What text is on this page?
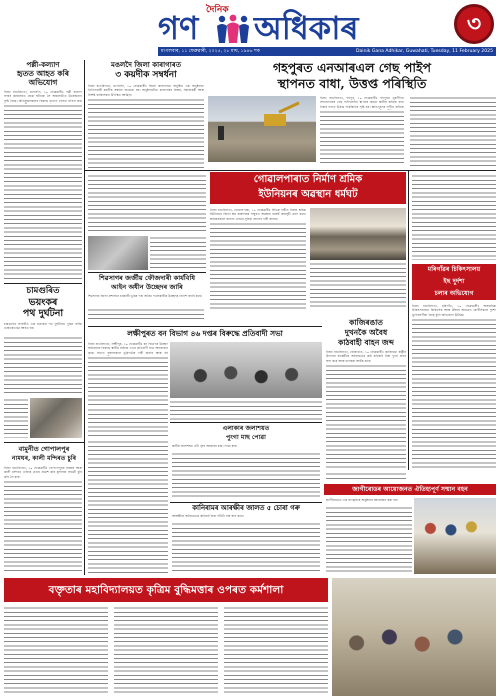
দৈনিক
গণ অধিকাৰ	৩
মংগলবাৰ, ১১ ফেব্ৰুৱাৰী, ২০২৫, ২৮ মাঘ, ১৯৪৬ শক	Dainik Gana Adhikar, Guwahati, Tuesday, 11 February 2025
পল্লী-কল্যাণ
হৃতত আহত কৰি
অভিযোগ
নিজা বাতৰিদাতা, মংগলদৈ, ১০ ফেব্ৰুৱাৰীঃ পল্লী কল্যাণ সংঘৰ কাৰ্যালয়ত হোৱা ঘটনাক লৈ অঞ্চলটোত উত্তেজনাৰ সৃষ্টি হৈছে। অভিযুক্তসকলৰ বিৰুদ্ধে থানাত গোচৰ দাখিল কৰা
চামগুৰিত
ভয়ংকৰ
পথ দুৰ্ঘটনা
চামগুৰিত সংঘটিত এক ভয়ংকৰ পথ দুৰ্ঘটনাত দুজন ব্যক্তি গুৰুতৰভাৱে আহত হয়।
মঙলদৈ জিলা কাৰাগাৰত
৩ কয়দীক সম্বৰ্ধনা
নিজা বাতৰিদাতা, মংগলদৈ, ১০ ফেব্ৰুৱাৰীঃ জিলা কাৰাগাৰত অনুষ্ঠিত এক অনুষ্ঠানত তিনিগৰাকী কয়দীক সম্বৰ্ধনা জনোৱা হয়। অনুষ্ঠানটোত কাৰাগাৰৰ বিষয়া, সমাজকৰ্মী আৰু বিশিষ্ট ব্যক্তিসকল উপস্থিত আছিল।
গহপুৰত এনআৰএল গেছ পাইপ
স্থাপনত বাধা, উত্তপ্ত পৰিস্থিতি
নিজা বাতৰিদাতা, গহপুৰ, ১০ ফেব্ৰুৱাৰীঃ গহপুৰত নুমলীগড় শোধনাগাৰৰ গেছ পাইপলাইন স্থাপনৰ কামত স্থানীয় ৰাইজে বাধা দিয়াৰ ফলত উত্তপ্ত পৰিস্থিতিৰ সৃষ্টি হয়। ক্ষতিপূৰণৰ দাবীত ৰাইজে
গোৱালপাৰাত নিৰ্মাণ শ্ৰমিক
ইউনিয়নৰ অৱস্থান ধৰ্মঘট
নিজা বাতৰিদাতা, গোৱালপাৰা, ১০ ফেব্ৰুৱাৰীঃ বিভিন্ন দাবীত নিৰ্মাণ শ্ৰমিক ইউনিয়নে জিলা শ্ৰম কাৰ্যালয়ৰ সন্মুখত অৱস্থান ধৰ্মঘট কাৰ্যসূচী গ্ৰহণ কৰে। শ্ৰমিকসকলে কল্যাণ বোৰ্ডৰ সুবিধা প্ৰদানৰ দাবী জনায়।
শিৱসাগৰ জৰ্জীয় ফৌজদাৰী কাৰ্যবিধি
আইন অধীন উচ্ছেদৰ জাৰি
শিৱসাগৰ জিলা প্ৰশাসনে চৰকাৰী ভূমিৰ পৰা অবৈধ দখলকাৰীক উচ্ছেদৰ নিৰ্দেশ জাৰি কৰে।
মৰিগাঁৱৰ চিকিৎসালয়
ইছ দুৰ্দশা
চলাৰ অভিযোগ
নিজা বাতৰিদাতা, মৰিগাঁও, ১০ ফেব্ৰুৱাৰীঃ অসামৰিক চিকিৎসালয়ত চিকিৎসক আৰু ঔষধৰ অভাৱত ৰোগীসকলে দুৰ্দশা ভুগিবলগীয়া হৈছে বুলি অভিযোগ উঠিছে।
লক্ষীপুৰত বন বিভাগ ৪৬ দপ্তৰ বিৰুদ্ধে প্ৰতিবাদী সভা
নিজা বাতৰিদাতা, লক্ষীপুৰ, ১০ ফেব্ৰুৱাৰীঃ বন বিভাগৰ উচ্ছেদ অভিযানৰ বিৰুদ্ধে স্থানীয় ৰাইজে এখন প্ৰতিবাদী সভা আয়োজন কৰে। সভাত বক্তাসকলে ভূমিপট্টাৰ দাবী জনায় আৰু বন
কাজিৰঙাত
দুখনকৈ অবৈধ
কাঠবাহী বাহন জব্দ
নিজা বাতৰিদাতা, বোকাখাত, ১০ ফেব্ৰুৱাৰীঃ কাজিৰঙা ৰাষ্ট্ৰীয় উদ্যানৰ বনকৰ্মীয়ে অবৈধভাৱে কাঠ কঢ়িয়াই নিয়া দুখন বাহন জব্দ কৰে আৰু চালকক আটক কৰে।
বামুনীত গোপালপুৰ
নামঘৰ, কালী মন্দিৰত চুৰি
নিজা বাতৰিদাতা, ১০ ফেব্ৰুৱাৰীঃ গোপালপুৰৰ নামঘৰ আৰু কালী মন্দিৰত এজাক চোৰে প্ৰৱেশ কৰি মূল্যবান সামগ্ৰী চুৰি কৰি লৈ যায়।
এলাকাৰ জলাশয়ত
পুংগা মাছ পোৱা
স্থানীয় জলাশয়ত এটা বৃহৎ আকাৰৰ মাছ পোৱা যায়।
কানিৰামৰ আৰক্ষীৰ জালত ৫ চোৰা গৰু
আৰক্ষীয়ে অবৈধভাৱে কঢ়িয়াই নিয়া পাঁচটা গৰু জব্দ কৰে।
জাগীৰোডৰ আয়োজনত ঐতিহ্যপূৰ্ণ সন্মান বহন
জাগীৰোডত এক সাংস্কৃতিক অনুষ্ঠানৰ আয়োজন কৰা হয়।
বক্তৃতাৰ মহাবিদ্যালয়ত কৃত্ৰিম বুদ্ধিমত্তাৰ ওপৰত কৰ্মশালা
